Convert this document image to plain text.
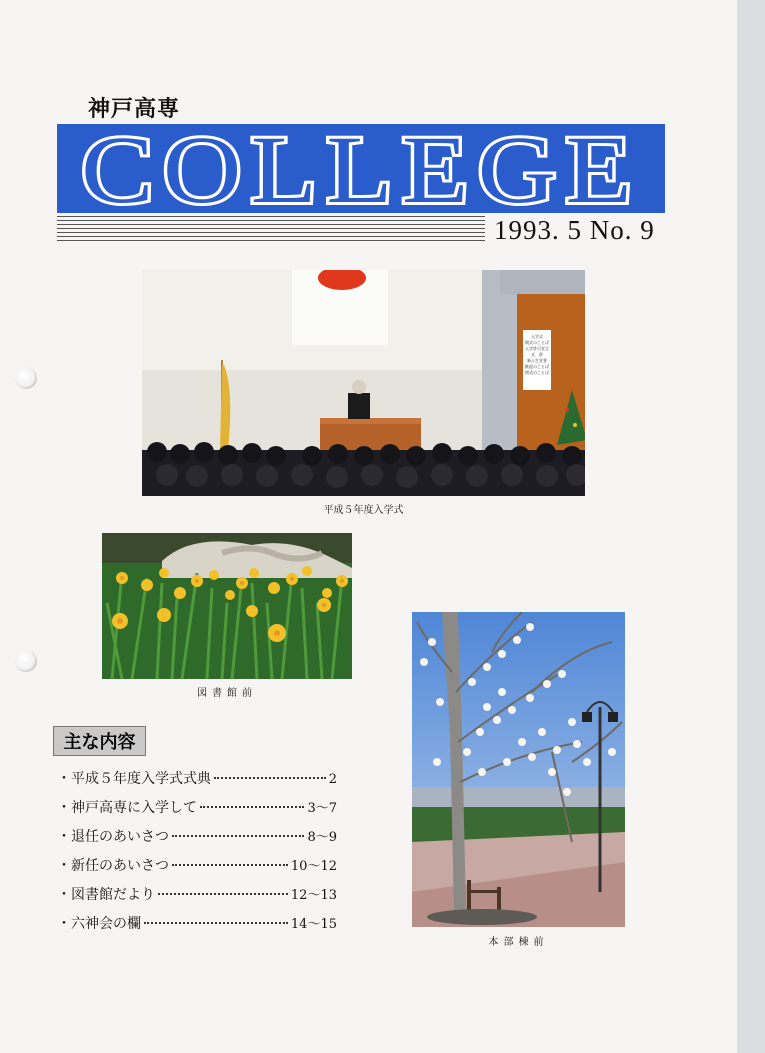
神戸高専
COLLEGE
1993. 5 No. 9
入学式
開式のことば
入学許可宣言
式　辞
新入生宣誓
歓迎のことば
閉式のことば
平成５年度入学式
図書館前
本部棟前
主な内容
・平成５年度入学式式典	2
・神戸高専に入学して	3〜7
・退任のあいさつ	8〜9
・新任のあいさつ	10〜12
・図書館だより	12〜13
・六神会の欄	14〜15
